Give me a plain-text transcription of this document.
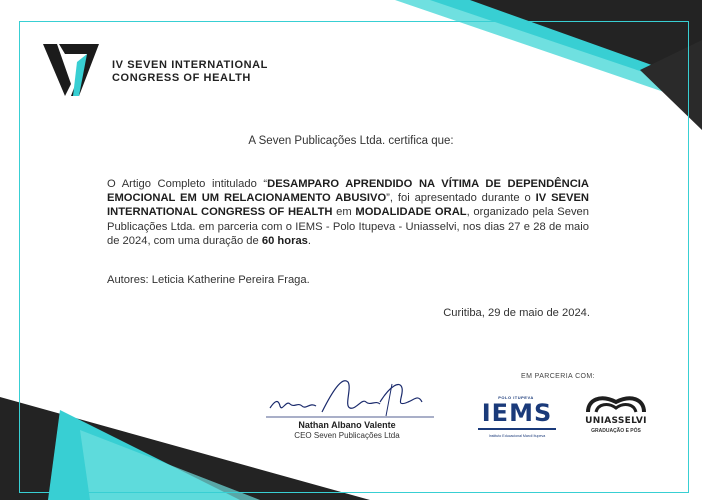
IV SEVEN INTERNATIONAL
CONGRESS OF HEALTH
A Seven Publicações Ltda. certifica que:
O Artigo Completo intitulado “DESAMPARO APRENDIDO NA VÍTIMA DE DEPENDÊNCIA EMOCIONAL EM UM RELACIONAMENTO ABUSIVO”, foi apresentado durante o IV SEVEN INTERNATIONAL CONGRESS OF HEALTH em MODALIDADE ORAL, organizado pela Seven Publicações Ltda. em parceria com o IEMS - Polo Itupeva - Uniasselvi, nos dias 27 e 28 de maio de 2024, com uma duração de 60 horas.
Autores: Leticia Katherine Pereira Fraga.
Curitiba, 29 de maio de 2024.
Nathan Albano Valente
CEO Seven Publicações Ltda
EM PARCERIA COM:
POLO ITUPEVA
IEMS
Instituto Educacional Marcil Itupeva
UNIASSELVI
GRADUAÇÃO E PÓS
